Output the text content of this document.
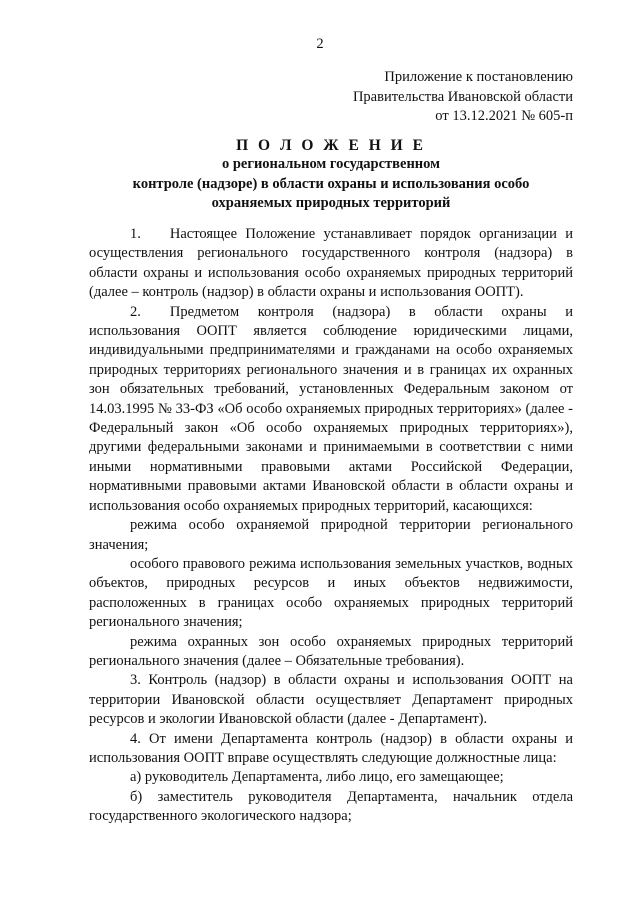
2
Приложение к постановлению
Правительства Ивановской области
от 13.12.2021 № 605-п
П О Л О Ж Е Н И Е
о региональном государственном
контроле (надзоре) в области охраны и использования особо
охраняемых природных территорий

1.  Настоящее Положение устанавливает порядок организации и осуществления регионального государственного контроля (надзора) в области охраны и использования особо охраняемых природных территорий (далее – контроль (надзор) в области охраны и использования ООПТ).

2.  Предметом контроля (надзора) в области охраны и использования ООПТ является соблюдение юридическими лицами, индивидуальными предпринимателями и гражданами на особо охраняемых природных территориях регионального значения и в границах их охранных зон обязательных требований, установленных Федеральным законом от 14.03.1995 № 33-ФЗ «Об особо охраняемых природных территориях» (далее - Федеральный закон «Об особо охраняемых природных территориях»), другими федеральными законами и принимаемыми в соответствии с ними иными нормативными правовыми актами Российской Федерации, нормативными правовыми актами Ивановской области в области охраны и использования особо охраняемых природных территорий, касающихся:

режима особо охраняемой природной территории регионального значения;

особого правового режима использования земельных участков, водных объектов, природных ресурсов и иных объектов недвижимости, расположенных в границах особо охраняемых природных территорий регионального значения;

режима охранных зон особо охраняемых природных территорий регионального значения (далее – Обязательные требования).

3. Контроль (надзор) в области охраны и использования ООПТ на территории Ивановской области осуществляет Департамент природных ресурсов и экологии Ивановской области (далее - Департамент).

4. От имени Департамента контроль (надзор) в области охраны и использования ООПТ вправе осуществлять следующие должностные лица:

а) руководитель Департамента, либо лицо, его замещающее;

б) заместитель руководителя Департамента, начальник отдела государственного экологического надзора;
